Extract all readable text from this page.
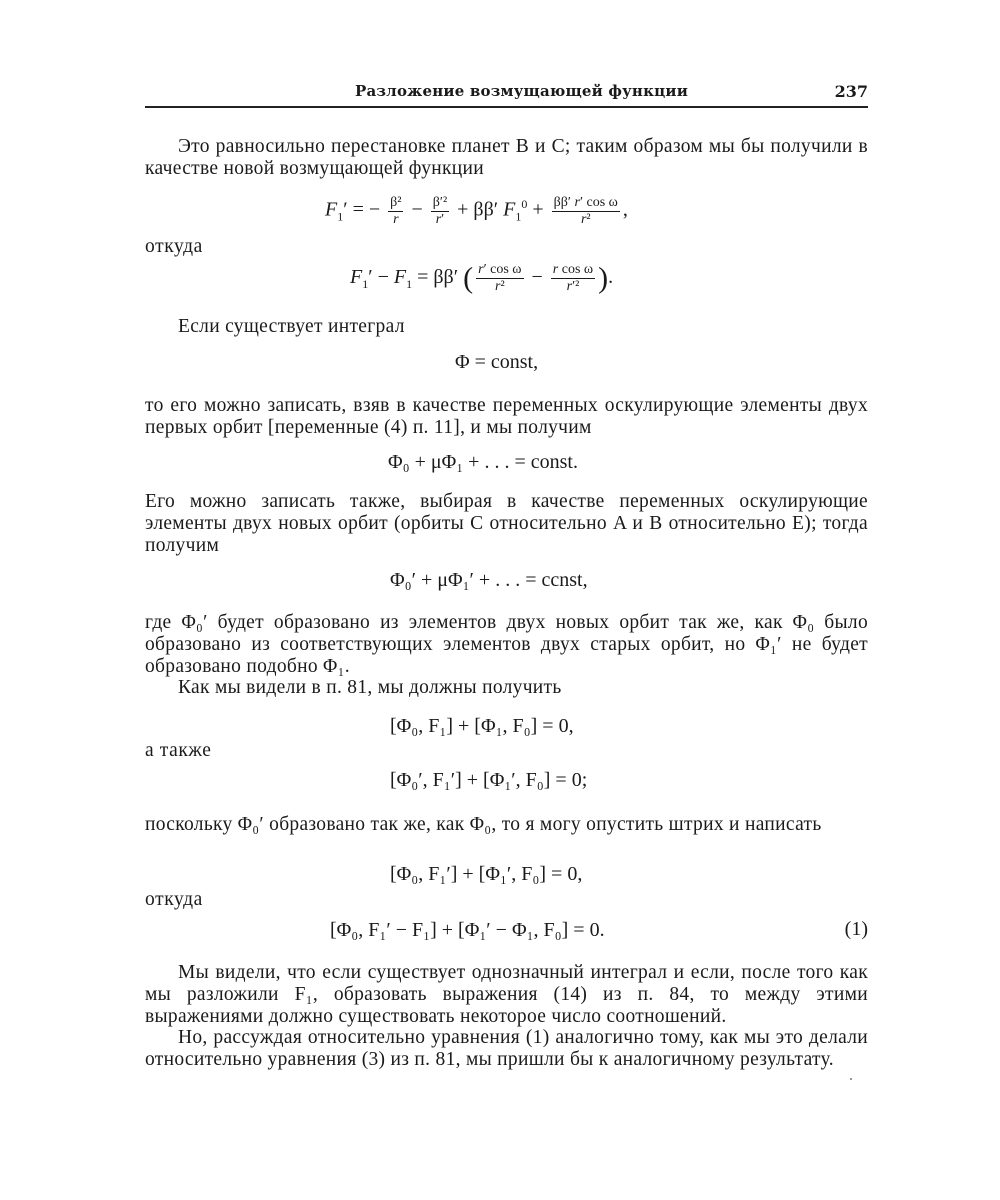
Разложение возмущающей функции	237
Это равносильно перестановке планет B и C; таким образом мы бы получили в качестве новой возмущающей функции
$F_1'$ = − $\frac{\text{β²}}{r} - \frac{\text{β′²}}{r'} + \beta\beta'$ $F_1^0 + \frac{\text{ββ′ r′ cos ω}}{\text{r²}}$ ,
откуда
$F_1' - F_1 = \beta\beta'$ ( $\frac{\text{r′ cos ω}}{\text{r²}} - \frac{\text{r cos ω}}{\text{r′²}}$ ).
Если существует интеграл
Φ = const,
то его можно записать, взяв в качестве переменных оскулирующие элементы двух первых орбит [переменные (4) п. 11], и мы получим
Φ₀ + μΦ₁ + . . . = const.
Его можно записать также, выбирая в качестве переменных оскулирующие элементы двух новых орбит (орбиты C относительно A и B относительно E); тогда получим
Φ₀′ + μΦ₁′ + . . . = ccnst,
где Φ₀′ будет образовано из элементов двух новых орбит так же, как Φ₀ было образовано из соответствующих элементов двух старых орбит, но Φ₁′ не будет образовано подобно Φ₁.
Как мы видели в п. 81, мы должны получить
[Φ₀, F₁] + [Φ₁, F₀] = 0,
а также
[Φ₀′, F₁′] + [Φ₁′, F₀] = 0;
поскольку Φ₀′ образовано так же, как Φ₀, то я могу опустить штрих и написать
[Φ₀, F₁′] + [Φ₁′, F₀] = 0,
откуда
[Φ₀, F₁′ − F₁] + [Φ₁′ − Φ₁, F₀] = 0.	(1)
Мы видели, что если существует однозначный интеграл и если, после того как мы разложили F₁, образовать выражения (14) из п. 84, то между этими выражениями должно существовать некоторое число соотношений.
Но, рассуждая относительно уравнения (1) аналогично тому, как мы это делали относительно уравнения (3) из п. 81, мы пришли бы к аналогичному результату.
